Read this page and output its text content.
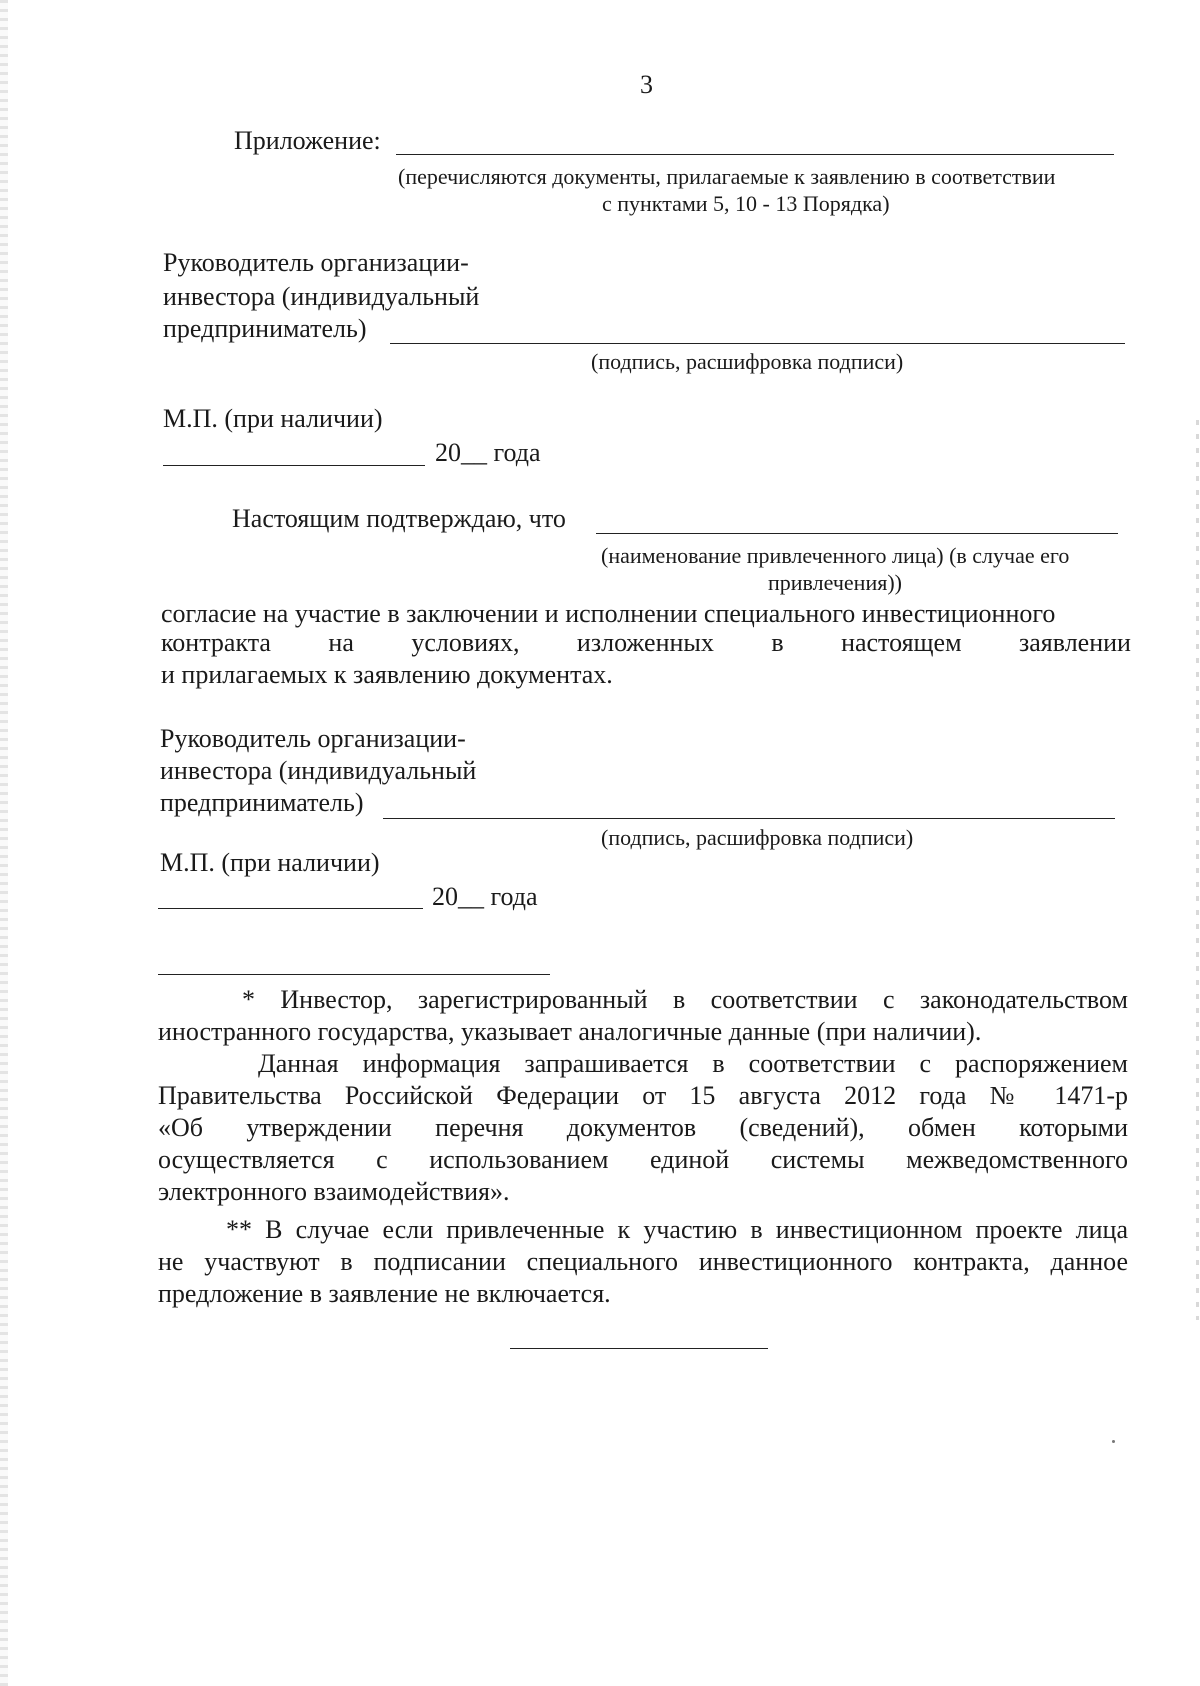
3
Приложение:
(перечисляются документы, прилагаемые к заявлению в соответствии
с пунктами 5, 10 - 13 Порядка)
Руководитель организации-
инвестора (индивидуальный
предприниматель)
(подпись, расшифровка подписи)
М.П. (при наличии)
20__ года
Настоящим подтверждаю, что
(наименование привлеченного лица) (в случае его
привлечения))
согласие на участие в заключении и исполнении специального инвестиционного
контракта на условиях, изложенных в настоящем заявлении
и прилагаемых к заявлению документах.
Руководитель организации-
инвестора (индивидуальный
предприниматель)
(подпись, расшифровка подписи)
М.П. (при наличии)
20__ года
* Инвестор, зарегистрированный в соответствии с законодательством
иностранного государства, указывает аналогичные данные (при наличии).
Данная информация запрашивается в соответствии с распоряжением
Правительства Российской Федерации от 15 августа 2012 года № 1471-р
«Об утверждении перечня документов (сведений), обмен которыми
осуществляется с использованием единой системы межведомственного
электронного взаимодействия».
** В случае если привлеченные к участию в инвестиционном проекте лица
не участвуют в подписании специального инвестиционного контракта, данное
предложение в заявление не включается.
